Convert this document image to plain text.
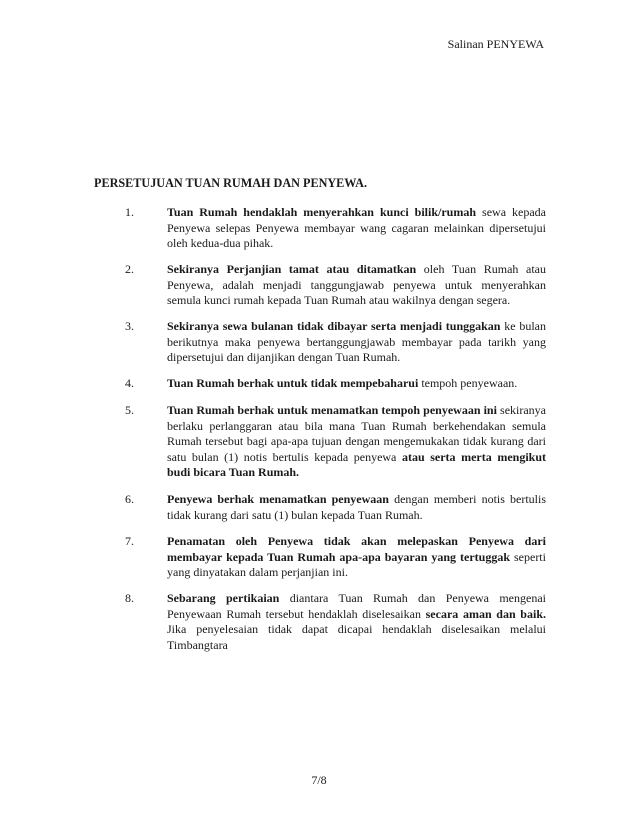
Salinan PENYEWA
PERSETUJUAN TUAN RUMAH DAN PENYEWA.
1.	Tuan Rumah hendaklah menyerahkan kunci bilik/rumah sewa kepada Penyewa selepas Penyewa membayar wang cagaran melainkan dipersetujui oleh kedua-dua pihak.
2.	Sekiranya Perjanjian tamat atau ditamatkan oleh Tuan Rumah atau Penyewa, adalah menjadi tanggungjawab penyewa untuk menyerahkan semula kunci rumah kepada Tuan Rumah atau wakilnya dengan segera.
3.	Sekiranya sewa bulanan tidak dibayar serta menjadi tunggakan ke bulan berikutnya maka penyewa bertanggungjawab membayar pada tarikh yang dipersetujui dan dijanjikan dengan Tuan Rumah.
4.	Tuan Rumah berhak untuk tidak mempebaharui tempoh penyewaan.
5.	Tuan Rumah berhak untuk menamatkan tempoh penyewaan ini sekiranya berlaku perlanggaran atau bila mana Tuan Rumah berkehendakan semula Rumah tersebut bagi apa-apa tujuan dengan mengemukakan tidak kurang dari satu bulan (1) notis bertulis kepada penyewa atau serta merta mengikut budi bicara Tuan Rumah.
6.	Penyewa berhak menamatkan penyewaan dengan memberi notis bertulis tidak kurang dari satu (1) bulan kepada Tuan Rumah.
7.	Penamatan oleh Penyewa tidak akan melepaskan Penyewa dari membayar kepada Tuan Rumah apa-apa bayaran yang tertuggak seperti yang dinyatakan dalam perjanjian ini.
8.	Sebarang pertikaian diantara Tuan Rumah dan Penyewa mengenai Penyewaan Rumah tersebut hendaklah diselesaikan secara aman dan baik. Jika penyelesaian tidak dapat dicapai hendaklah diselesaikan melalui Timbangtara
7/8
